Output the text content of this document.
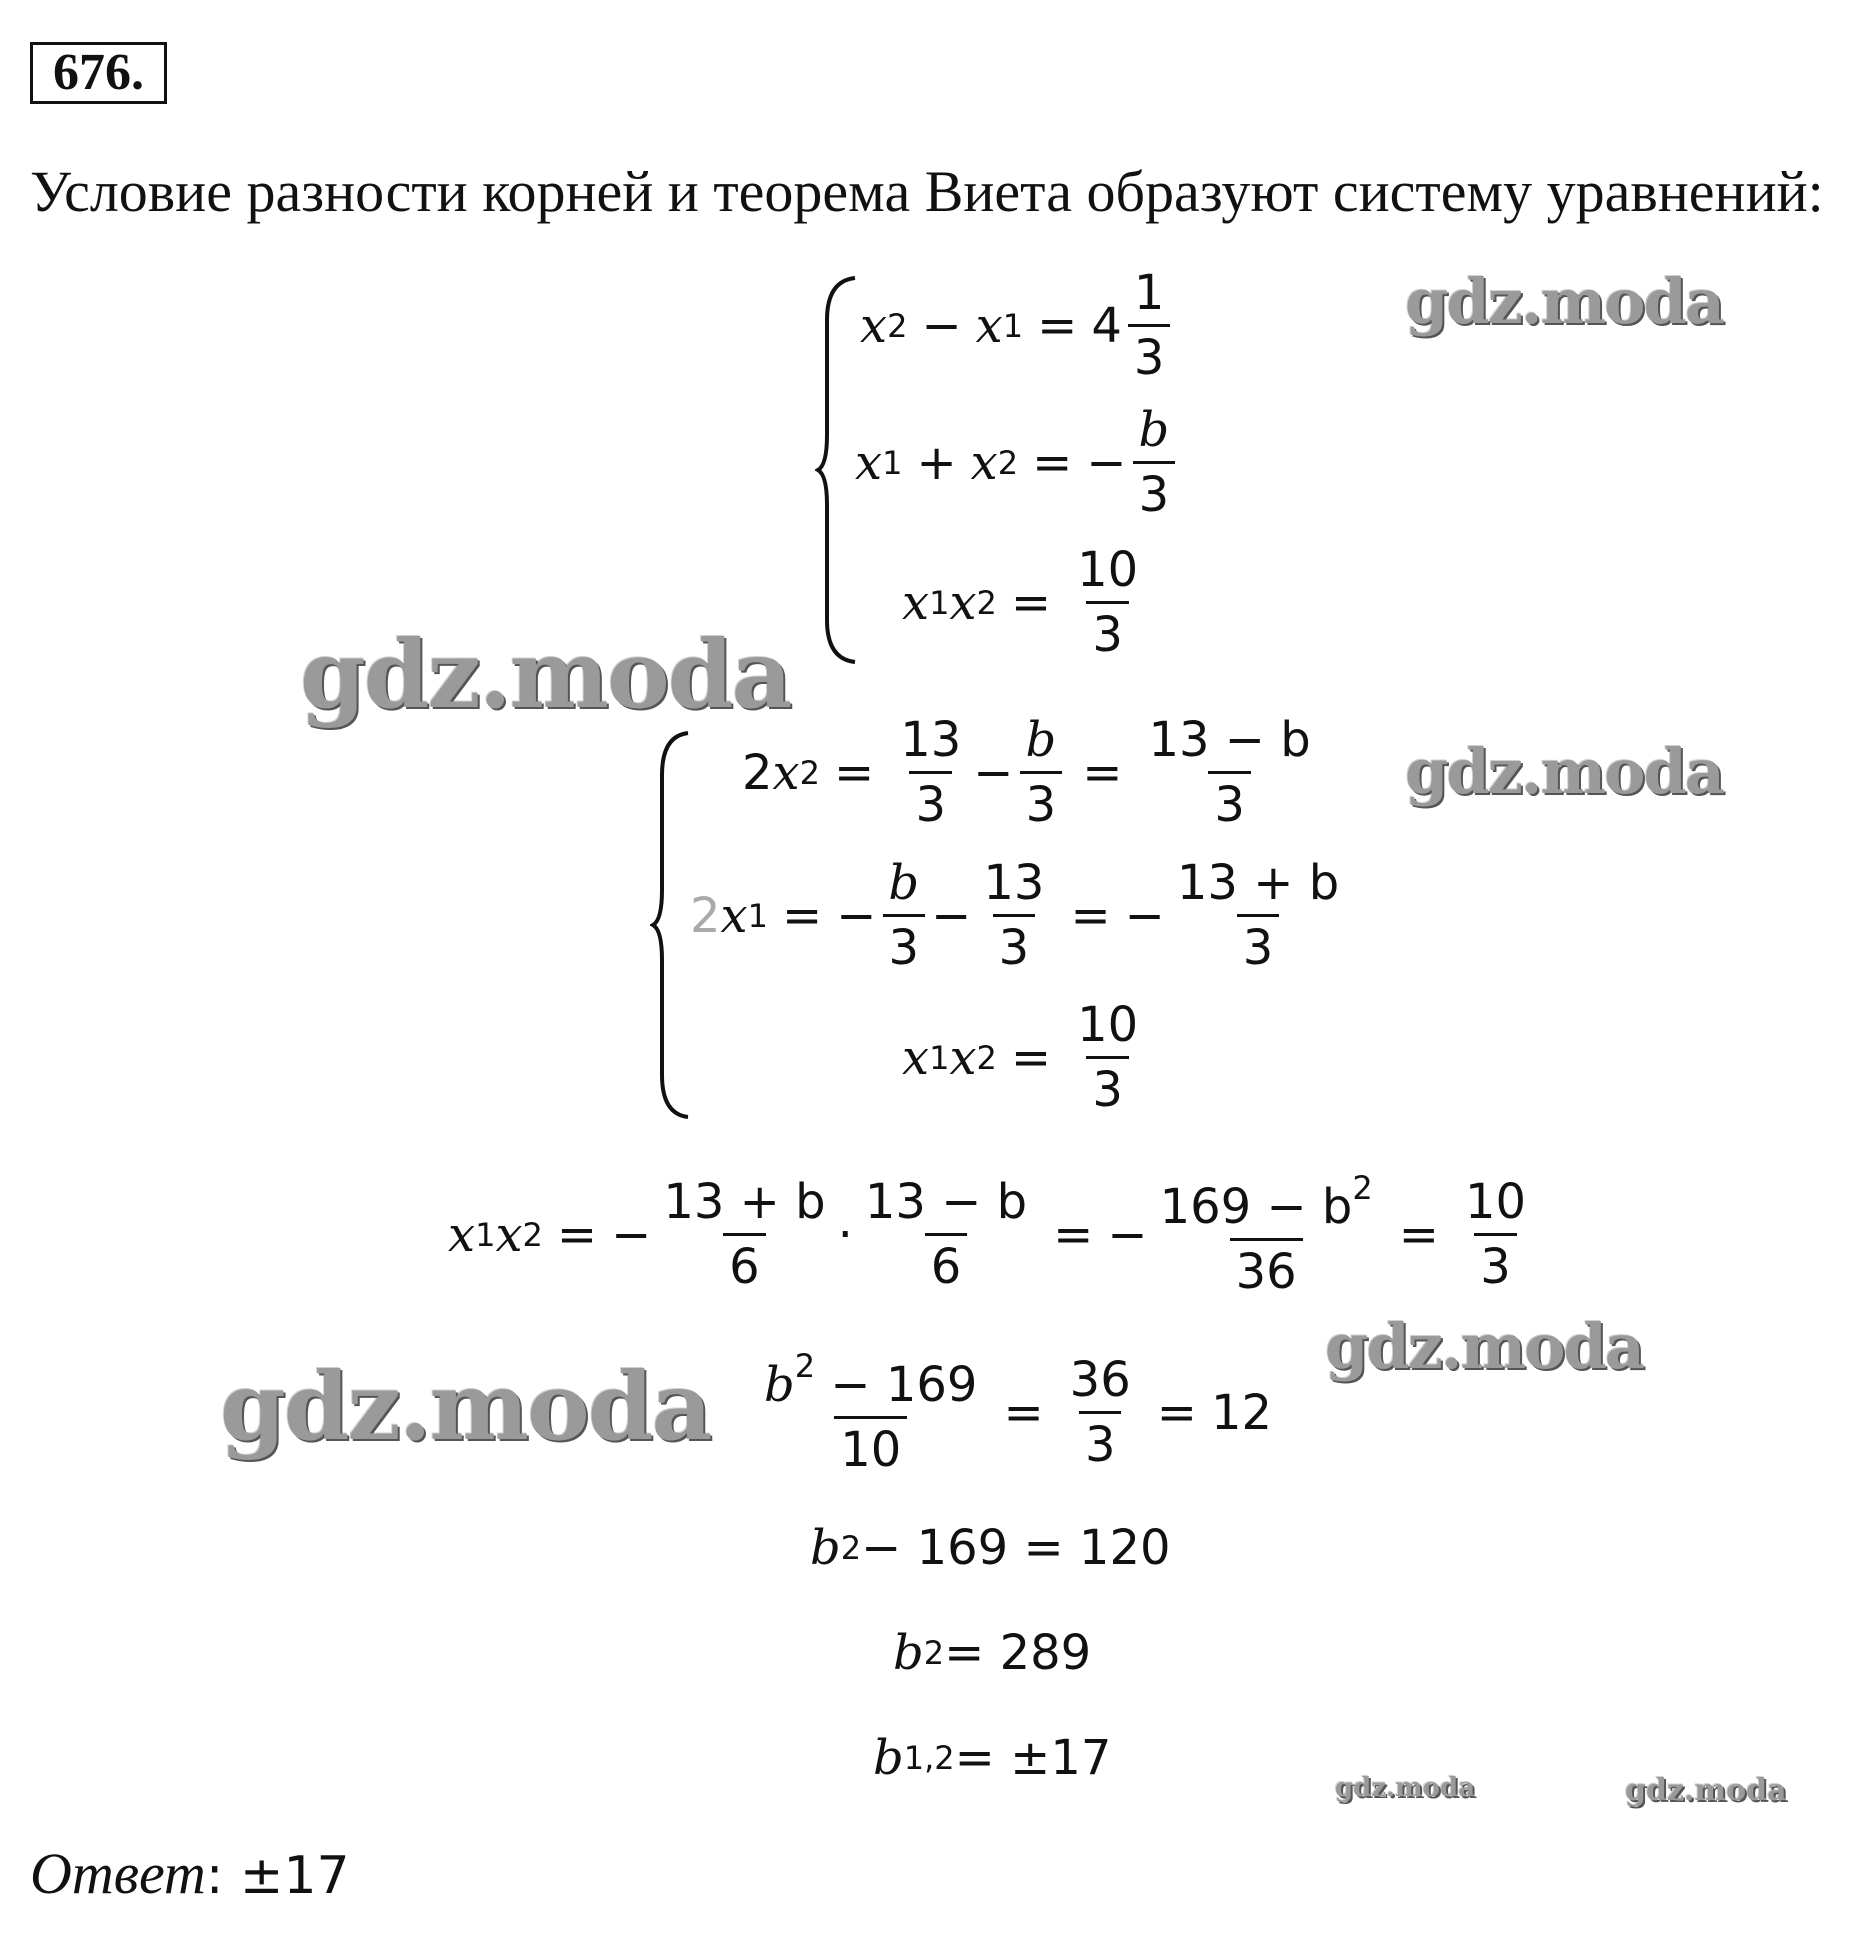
676.
Условие разности корней и теорема Виета образуют систему уравнений:
x 2 − x $1 = 4 \frac{1}{3}$
x 1 + x 2 = − $\frac{b}{3}$
x 1 x $2 = \frac{10}{3}$
2 x $2 = \frac{13}{3} - \frac{b}{3} = \frac{13 - b}{3}$
2 x 1 = − $\frac{b}{3} - \frac{13}{3}$ = − $\frac{13 + b}{3}$
x 1 x $2 = \frac{10}{3}$
x 1 x 2 = − $\frac{13 + b}{6} \cdot \frac{13 - b}{6}$ = − $\frac{169 - b^2}{36} = \frac{10}{3}$
$\frac{b^2 - 169}{10} = \frac{36}{3} = 12$
b 2 − 169 = 120
b 2 = 289
b 1,2 = ±17
Ответ: ±17
gdz.moda
gdz.moda
gdz.moda
gdz.moda
gdz.moda
gdz.moda	gdz.moda
